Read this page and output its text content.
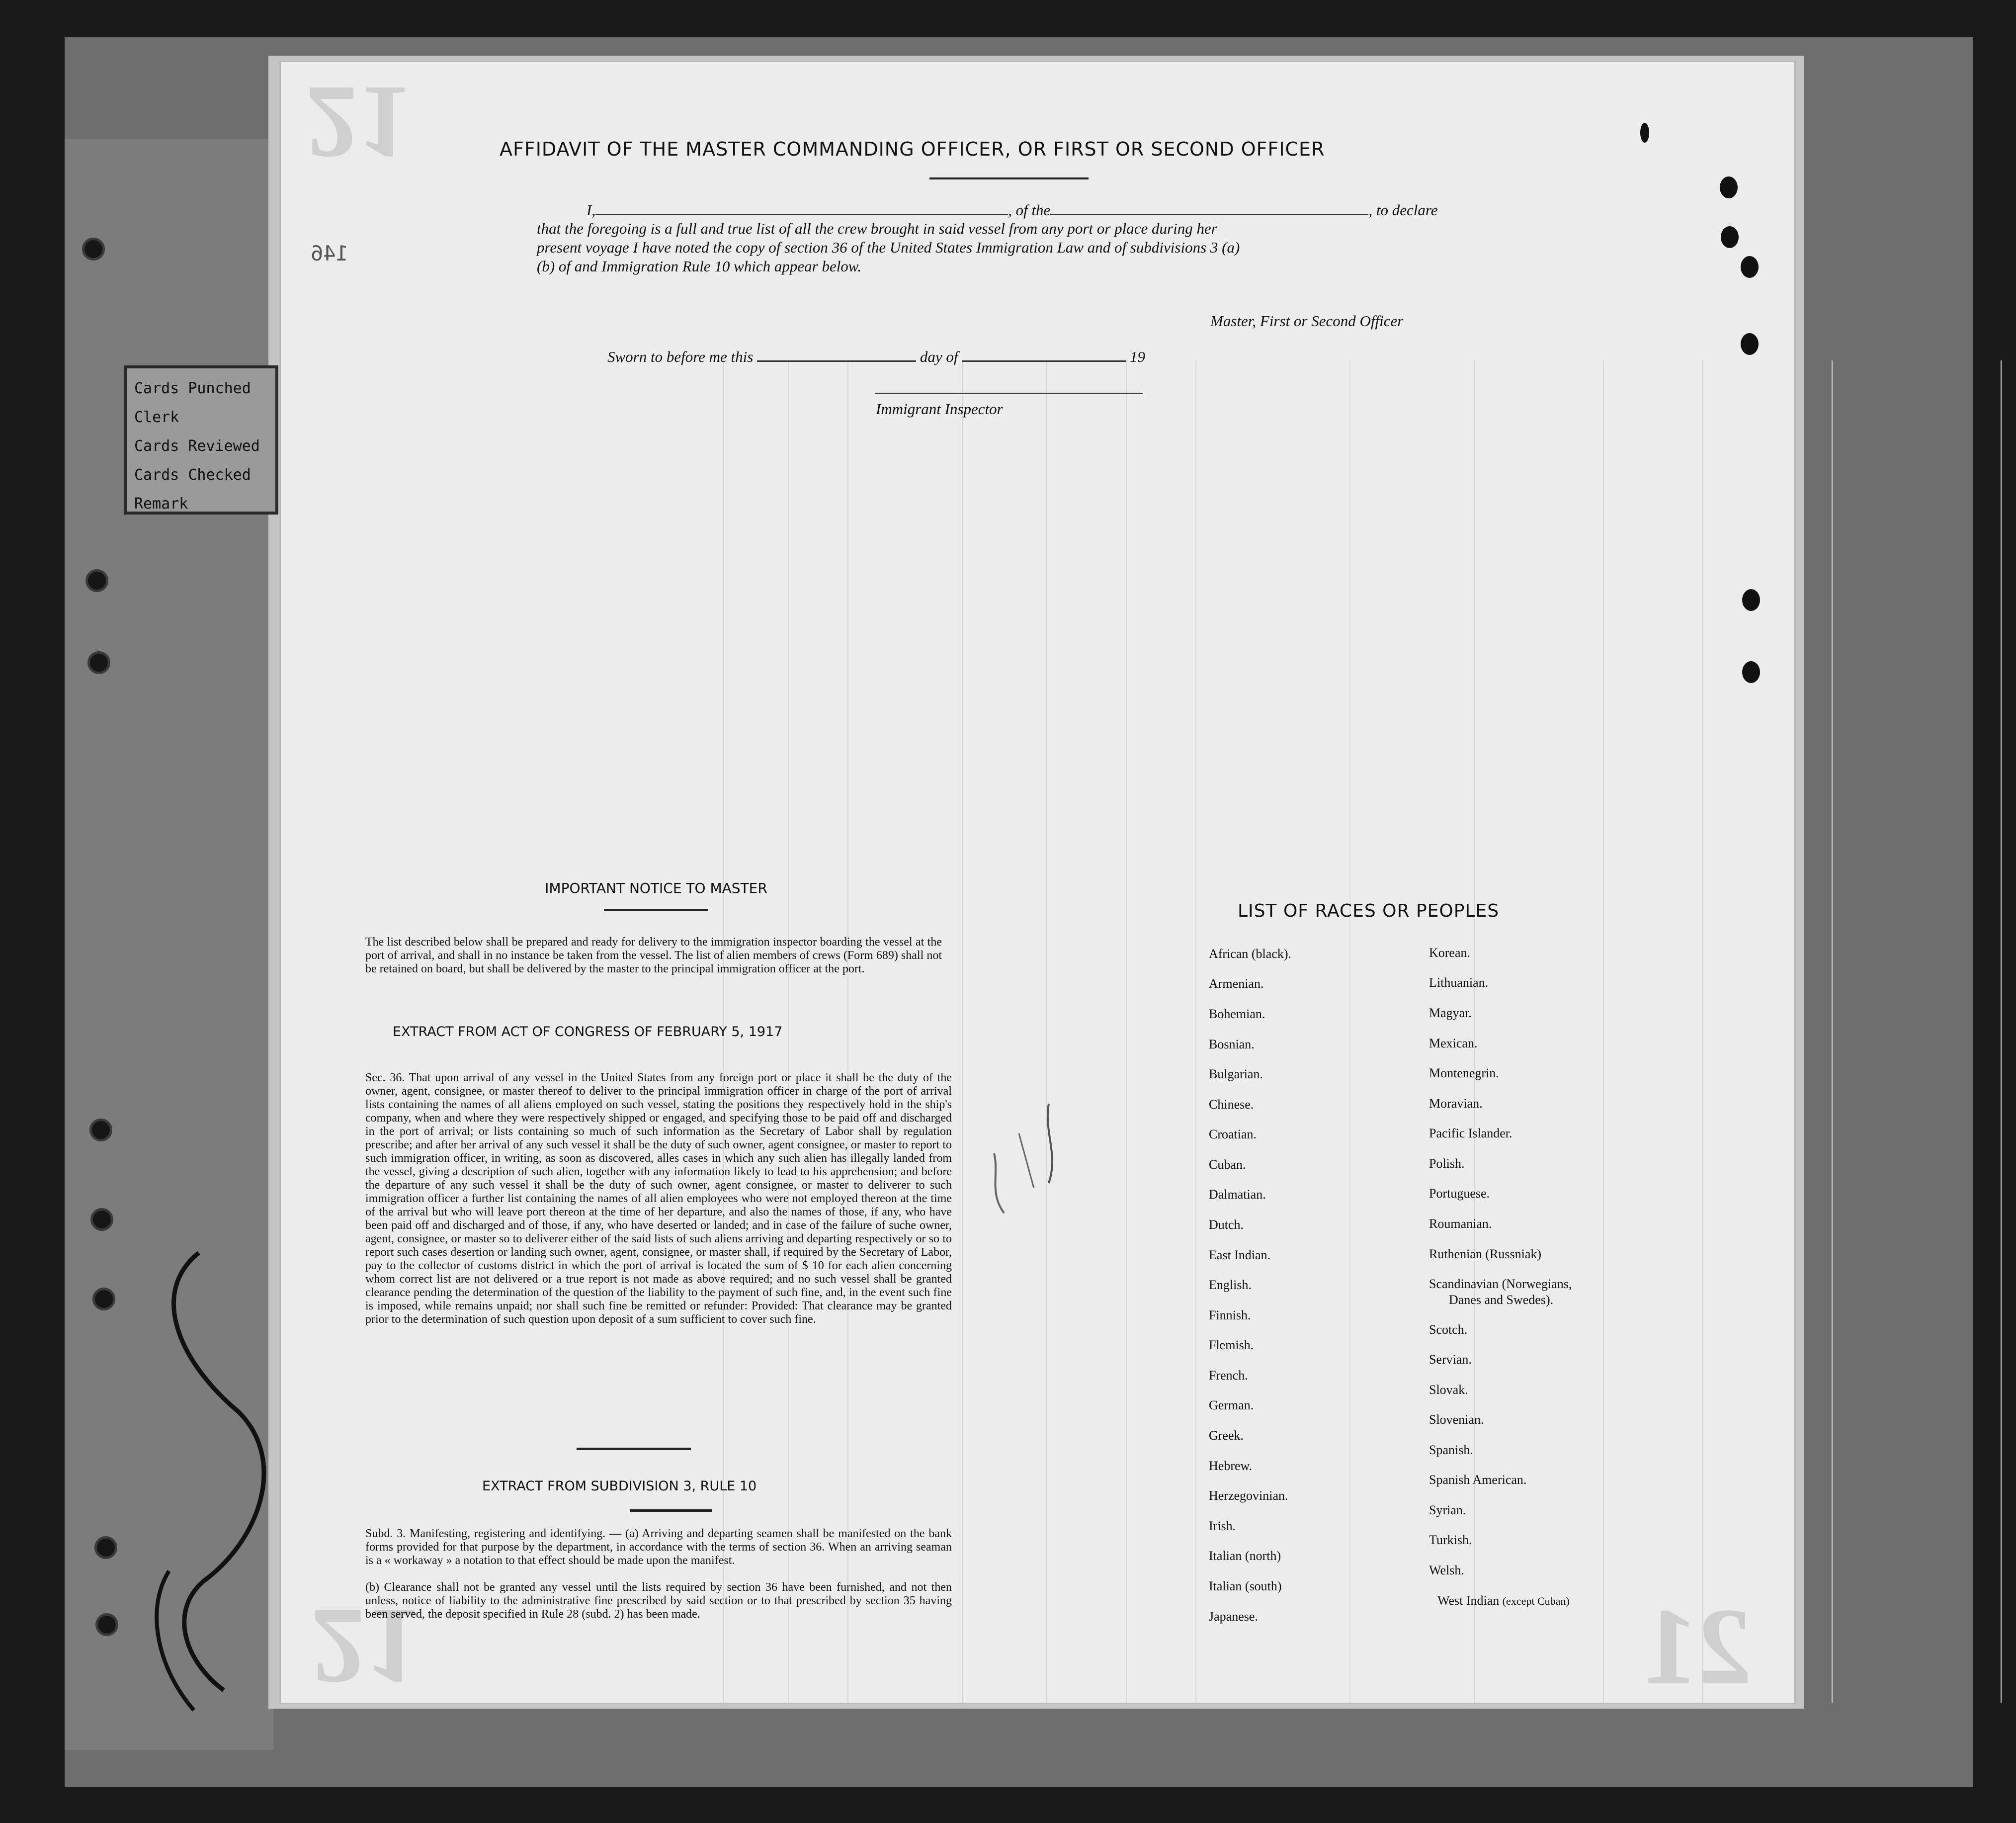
Cards Punched
Clerk
Cards Reviewed
Cards Checked
Remark
21
21
21
146
AFFIDAVIT OF THE MASTER COMMANDING OFFICER, OR FIRST OR SECOND OFFICER
I,	, of the	, to declare
that the foregoing is a full and true list of all the crew brought in said vessel from any port or place during her
present voyage I have noted the copy of section 36 of the United States Immigration Law and of subdivisions 3 (a)
(b) of and Immigration Rule 10 which appear below.
Master, First or Second Officer
Sworn to before me this	day of	19
Immigrant Inspector
IMPORTANT NOTICE TO MASTER
The list described below shall be prepared and ready for delivery to the immigration inspector boarding the vessel at the port of arrival, and shall in no instance be taken from the vessel. The list of alien members of crews (Form 689) shall not be retained on board, but shall be delivered by the master to the principal immigration officer at the port.
EXTRACT FROM ACT OF CONGRESS OF FEBRUARY 5, 1917
Sec. 36. That upon arrival of any vessel in the United States from any foreign port or place it shall be the duty of the owner, agent, consignee, or master thereof to deliver to the principal immigration officer in charge of the port of arrival lists containing the names of all aliens employed on such vessel, stating the positions they respectively hold in the ship's company, when and where they were respectively shipped or engaged, and specifying those to be paid off and discharged in the port of arrival; or lists containing so much of such information as the Secretary of Labor shall by regulation prescribe; and after her arrival of any such vessel it shall be the duty of such owner, agent consignee, or master to report to such immigration officer, in writing, as soon as discovered, alles cases in which any such alien has illegally landed from the vessel, giving a description of such alien, together with any information likely to lead to his apprehension; and before the departure of any such vessel it shall be the duty of such owner, agent consignee, or master to deliverer to such immigration officer a further list containing the names of all alien employees who were not employed thereon at the time of the arrival but who will leave port thereon at the time of her departure, and also the names of those, if any, who have been paid off and discharged and of those, if any, who have deserted or landed; and in case of the failure of suche owner, agent, consignee, or master so to deliverer either of the said lists of such aliens arriving and departing respectively or so to report such cases desertion or landing such owner, agent, consignee, or master shall, if required by the Secretary of Labor, pay to the collector of customs district in which the port of arrival is located the sum of $ 10 for each alien concerning whom correct list are not delivered or a true report is not made as above required; and no such vessel shall be granted clearance pending the determination of the question of the liability to the payment of such fine, and, in the event such fine is imposed, while remains unpaid; nor shall such fine be remitted or refunder: Provided: That clearance may be granted prior to the determination of such question upon deposit of a sum sufficient to cover such fine.
EXTRACT FROM SUBDIVISION 3, RULE 10
Subd. 3. Manifesting, registering and identifying. — (a) Arriving and departing seamen shall be manifested on the bank forms provided for that purpose by the department, in accordance with the terms of section 36. When an arriving seaman is a « workaway » a notation to that effect should be made upon the manifest.
(b) Clearance shall not be granted any vessel until the lists required by section 36 have been furnished, and not then unless, notice of liability to the administrative fine prescribed by said section or to that prescribed by section 35 having been served, the deposit specified in Rule 28 (subd. 2) has been made.
LIST OF RACES OR PEOPLES
African (black).
Armenian.
Bohemian.
Bosnian.
Bulgarian.
Chinese.
Croatian.
Cuban.
Dalmatian.
Dutch.
East Indian.
English.
Finnish.
Flemish.
French.
German.
Greek.
Hebrew.
Herzegovinian.
Irish.
Italian (north)
Italian (south)
Japanese.
Korean.
Lithuanian.
Magyar.
Mexican.
Montenegrin.
Moravian.
Pacific Islander.
Polish.
Portuguese.
Roumanian.
Ruthenian (Russniak)
Scandinavian (Norwegians,
Danes and Swedes).
Scotch.
Servian.
Slovak.
Slovenian.
Spanish.
Spanish American.
Syrian.
Turkish.
Welsh.
West Indian (except Cuban)
